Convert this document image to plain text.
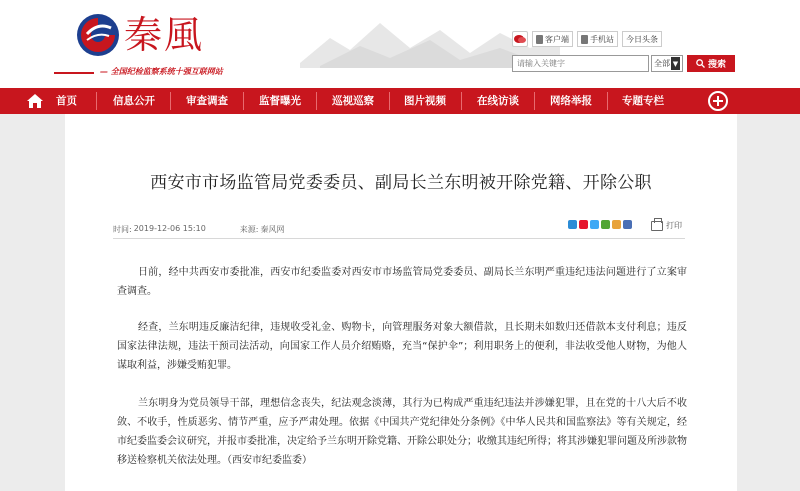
秦風
— 全国纪检监察系统十强互联网站
客户端	手机站 今日头条
请输入关键字
全部 ▼	搜索
首页	信息公开	审查调查	监督曝光	巡视巡察	图片视频	在线访谈	网络举报	专题专栏
西安市市场监管局党委委员、副局长兰东明被开除党籍、开除公职
时间: 2019-12-06 15:10	来源: 秦风网	打印

日前，经中共西安市委批准，西安市纪委监委对西安市市场监管局党委委员、副局长兰东明严重违纪违法问题进行了立案审查调查。

经查，兰东明违反廉洁纪律，违规收受礼金、购物卡，向管理服务对象大额借款，且长期未如数归还借款本支付利息；违反国家法律法规，违法干预司法活动，向国家工作人员介绍贿赂，充当“保护伞”；利用职务上的便利，非法收受他人财物，为他人谋取利益，涉嫌受贿犯罪。

兰东明身为党员领导干部，理想信念丧失，纪法观念淡薄，其行为已构成严重违纪违法并涉嫌犯罪，且在党的十八大后不收敛、不收手，性质恶劣、情节严重，应予严肃处理。依据《中国共产党纪律处分条例》《中华人民共和国监察法》等有关规定，经市纪委监委会议研究，并报市委批准，决定给予兰东明开除党籍、开除公职处分；收缴其违纪所得；将其涉嫌犯罪问题及所涉款物移送检察机关依法处理。（西安市纪委监委）
